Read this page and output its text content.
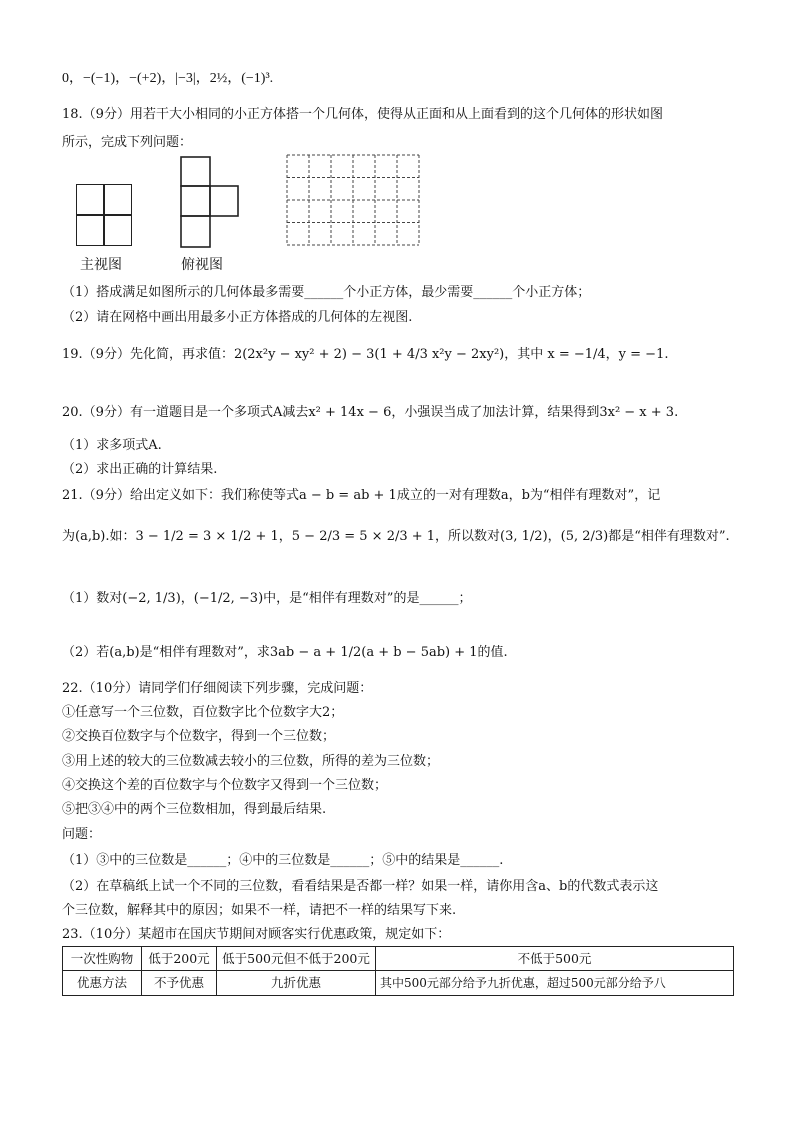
0，−(−1)，−(+2)，|−3|，2½，(−1)³.
18.（9分）用若干大小相同的小正方体搭一个几何体，使得从正面和从上面看到的这个几何体的形状如图
所示，完成下列问题：
主视图	俯视图
（1）搭成满足如图所示的几何体最多需要______个小正方体，最少需要______个小正方体；
（2）请在网格中画出用最多小正方体搭成的几何体的左视图.
19.（9分）先化简，再求值：2(2x²y − xy² + 2) − 3(1 + 4/3 x²y − 2xy²)，其中 x = −1/4，y = −1.
20.（9分）有一道题目是一个多项式A减去x² + 14x − 6，小强误当成了加法计算，结果得到3x² − x + 3.
（1）求多项式A.
（2）求出正确的计算结果.
21.（9分）给出定义如下：我们称使等式a − b = ab + 1成立的一对有理数a，b为“相伴有理数对”，记
为(a,b).如：3 − 1/2 = 3 × 1/2 + 1，5 − 2/3 = 5 × 2/3 + 1，所以数对(3, 1/2)，(5, 2/3)都是“相伴有理数对”.
（1）数对(−2, 1/3)，(−1/2, −3)中，是“相伴有理数对”的是______；
（2）若(a,b)是“相伴有理数对”，求3ab − a + 1/2(a + b − 5ab) + 1的值.
22.（10分）请同学们仔细阅读下列步骤，完成问题：
①任意写一个三位数，百位数字比个位数字大2；
②交换百位数字与个位数字，得到一个三位数；
③用上述的较大的三位数减去较小的三位数，所得的差为三位数；
④交换这个差的百位数字与个位数字又得到一个三位数；
⑤把③④中的两个三位数相加，得到最后结果.
问题：
（1）③中的三位数是______；④中的三位数是______；⑤中的结果是______.
（2）在草稿纸上试一个不同的三位数，看看结果是否都一样？如果一样，请你用含a、b的代数式表示这
个三位数，解释其中的原因；如果不一样，请把不一样的结果写下来.
23.（10分）某超市在国庆节期间对顾客实行优惠政策，规定如下：
一次性购物	低于200元	低于500元但不低于200元	不低于500元
优惠方法	不予优惠	九折优惠	其中500元部分给予九折优惠，超过500元部分给予八
